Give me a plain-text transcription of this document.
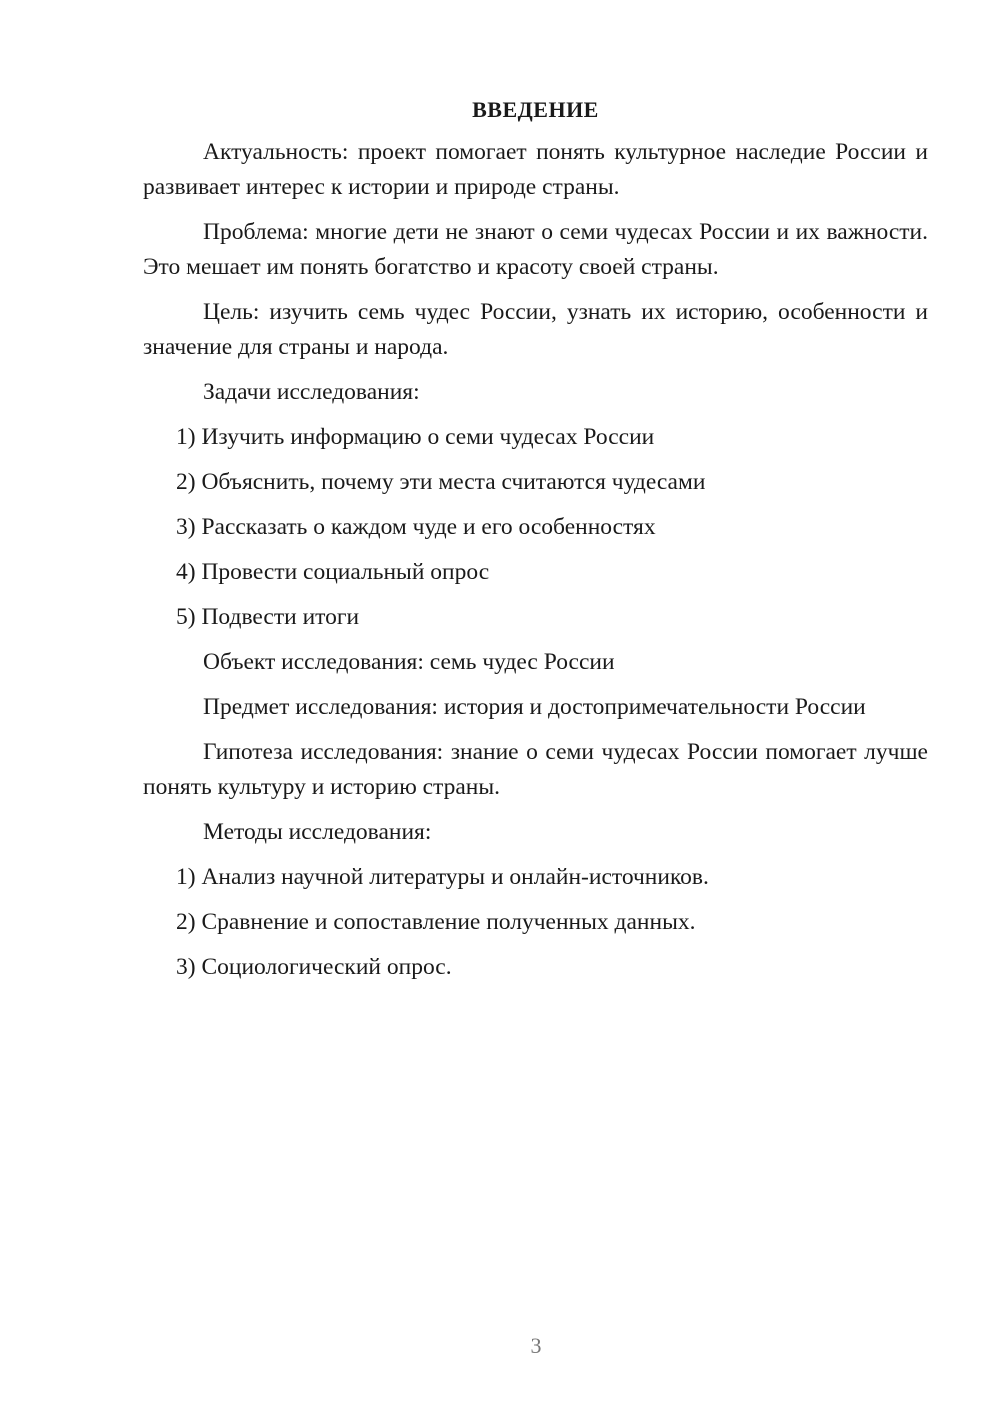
ВВЕДЕНИЕ
Актуальность: проект помогает понять культурное наследие России и развивает интерес к истории и природе страны.
Проблема: многие дети не знают о семи чудесах России и их важности. Это мешает им понять богатство и красоту своей страны.
Цель: изучить семь чудес России, узнать их историю, особенности и значение для страны и народа.
Задачи исследования:
1) Изучить информацию о семи чудесах России
2) Объяснить, почему эти места считаются чудесами
3) Рассказать о каждом чуде и его особенностях
4) Провести социальный опрос
5) Подвести итоги
Объект исследования: семь чудес России
Предмет исследования: история и достопримечательности России
Гипотеза исследования: знание о семи чудесах России помогает лучше понять культуру и историю страны.
Методы исследования:
1) Анализ научной литературы и онлайн-источников.
2) Сравнение и сопоставление полученных данных.
3) Социологический опрос.
3
